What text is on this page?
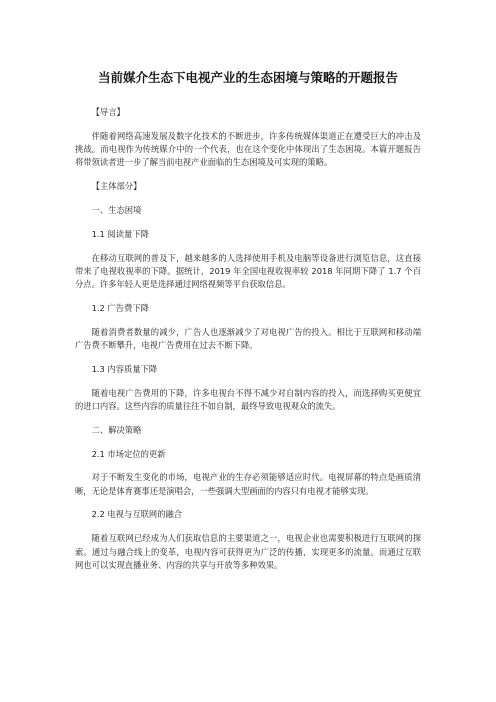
当前媒介生态下电视产业的生态困境与策略的开题报告
【导言】
伴随着网络高速发展及数字化技术的不断进步，许多传统媒体渠道正在遭受巨大的冲击及挑战。而电视作为传统媒介中的一个代表，也在这个变化中体现出了生态困境。本篇开题报告将带领读者进一步了解当前电视产业面临的生态困境及可实现的策略。
【主体部分】
一、生态困境
1.1 阅读量下降
在移动互联网的普及下，越来越多的人选择使用手机及电脑等设备进行浏览信息，这直接带来了电视收视率的下降。据统计，2019 年全国电视收视率较 2018 年同期下降了 1.7 个百分点。许多年轻人更是选择通过网络视频等平台获取信息。
1.2 广告费下降
随着消费者数量的减少，广告人也逐渐减少了对电视广告的投入。相比于互联网和移动端广告费不断攀升，电视广告费用在过去不断下降。
1.3 内容质量下降
随着电视广告费用的下降，许多电视台不得不减少对自制内容的投入，而选择购买更便宜的进口内容。这些内容的质量往往不如自制，最终导致电视观众的流失。
二、解决策略
2.1 市场定位的更新
对于不断发生变化的市场，电视产业的生存必须能够适应时代。电视屏幕的特点是画质清晰，无论是体育赛事还是演唱会，一些强调大型画面的内容只有电视才能够实现。
2.2 电视与互联网的融合
随着互联网已经成为人们获取信息的主要渠道之一，电视企业也需要积极进行互联网的探索。通过与融合线上的变革，电视内容可获得更为广泛的传播，实现更多的流量。而通过互联网也可以实现直播业务、内容的共享与开放等多种效果。
